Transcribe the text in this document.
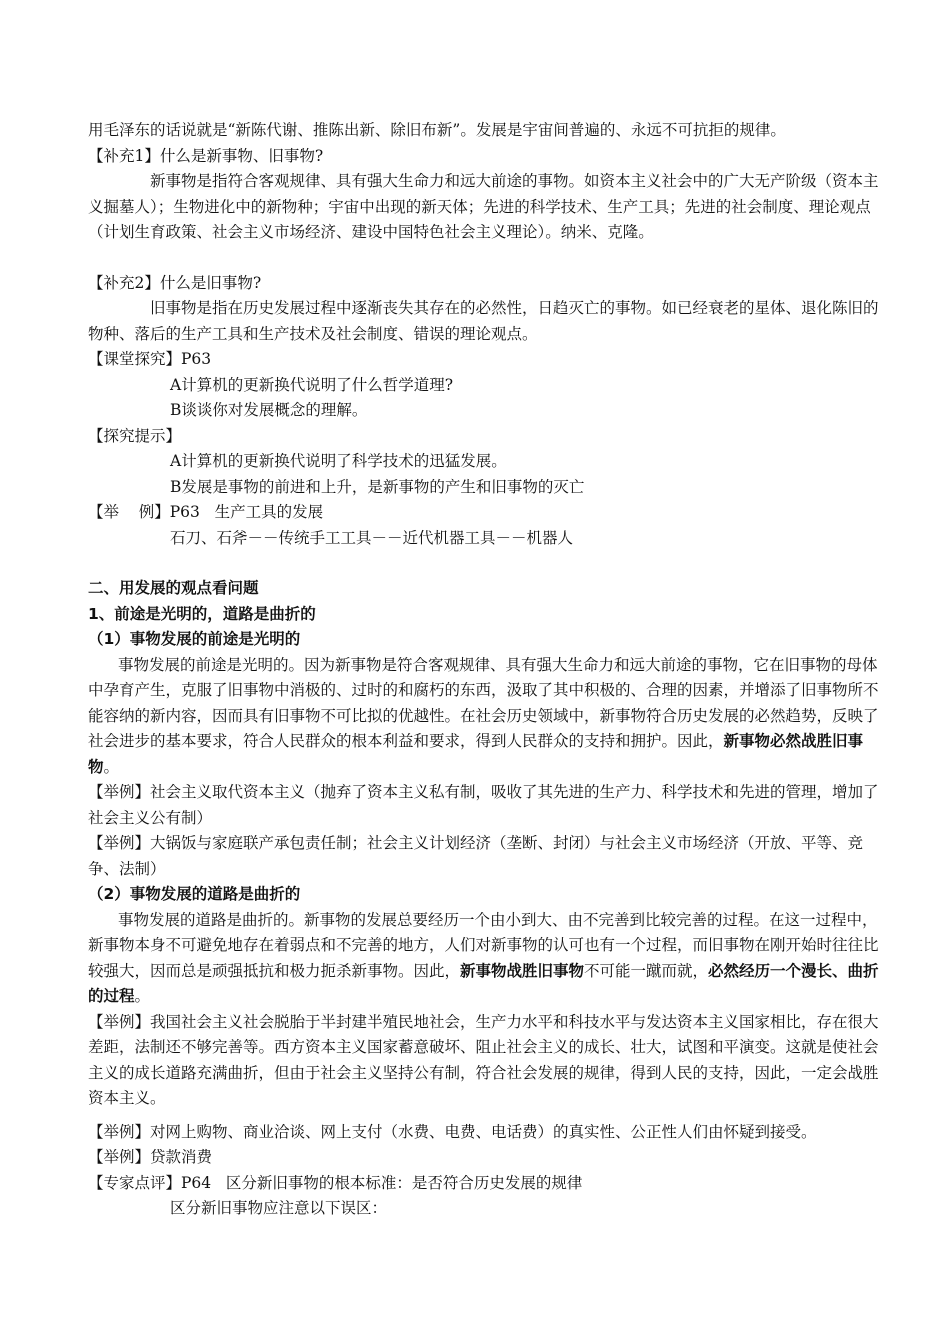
用毛泽东的话说就是“新陈代谢、推陈出新、除旧布新”。发展是宇宙间普遍的、永远不可抗拒的规律。

【补充1】什么是新事物、旧事物?

新事物是指符合客观规律、具有强大生命力和远大前途的事物。如资本主义社会中的广大无产阶级（资本主义掘墓人）；生物进化中的新物种；宇宙中出现的新天体；先进的科学技术、生产工具；先进的社会制度、理论观点（计划生育政策、社会主义市场经济、建设中国特色社会主义理论）。纳米、克隆。

【补充2】什么是旧事物?

旧事物是指在历史发展过程中逐渐丧失其存在的必然性，日趋灭亡的事物。如已经衰老的星体、退化陈旧的物种、落后的生产工具和生产技术及社会制度、错误的理论观点。

【课堂探究】P63

A计算机的更新换代说明了什么哲学道理?

B谈谈你对发展概念的理解。

【探究提示】

A计算机的更新换代说明了科学技术的迅猛发展。

B发展是事物的前进和上升，是新事物的产生和旧事物的灭亡

【举    例】P63   生产工具的发展

石刀、石斧－－传统手工工具－－近代机器工具－－机器人

二、用发展的观点看问题

1、前途是光明的，道路是曲折的

（1）事物发展的前途是光明的

事物发展的前途是光明的。因为新事物是符合客观规律、具有强大生命力和远大前途的事物，它在旧事物的母体中孕育产生，克服了旧事物中消极的、过时的和腐朽的东西，汲取了其中积极的、合理的因素，并增添了旧事物所不能容纳的新内容，因而具有旧事物不可比拟的优越性。在社会历史领域中，新事物符合历史发展的必然趋势，反映了社会进步的基本要求，符合人民群众的根本利益和要求，得到人民群众的支持和拥护。因此，新事物必然战胜旧事物。

【举例】社会主义取代资本主义（抛弃了资本主义私有制，吸收了其先进的生产力、科学技术和先进的管理，增加了社会主义公有制）

【举例】大锅饭与家庭联产承包责任制；社会主义计划经济（垄断、封闭）与社会主义市场经济（开放、平等、竞争、法制）

（2）事物发展的道路是曲折的

事物发展的道路是曲折的。新事物的发展总要经历一个由小到大、由不完善到比较完善的过程。在这一过程中，新事物本身不可避免地存在着弱点和不完善的地方，人们对新事物的认可也有一个过程，而旧事物在刚开始时往往比较强大，因而总是顽强抵抗和极力扼杀新事物。因此，新事物战胜旧事物不可能一蹴而就，必然经历一个漫长、曲折的过程。

【举例】我国社会主义社会脱胎于半封建半殖民地社会，生产力水平和科技水平与发达资本主义国家相比，存在很大差距，法制还不够完善等。西方资本主义国家蓄意破坏、阻止社会主义的成长、壮大，试图和平演变。这就是使社会主义的成长道路充满曲折，但由于社会主义坚持公有制，符合社会发展的规律，得到人民的支持，因此，一定会战胜资本主义。

【举例】对网上购物、商业洽谈、网上支付（水费、电费、电话费）的真实性、公正性人们由怀疑到接受。

【举例】贷款消费

【专家点评】P64   区分新旧事物的根本标准：是否符合历史发展的规律

区分新旧事物应注意以下误区：
